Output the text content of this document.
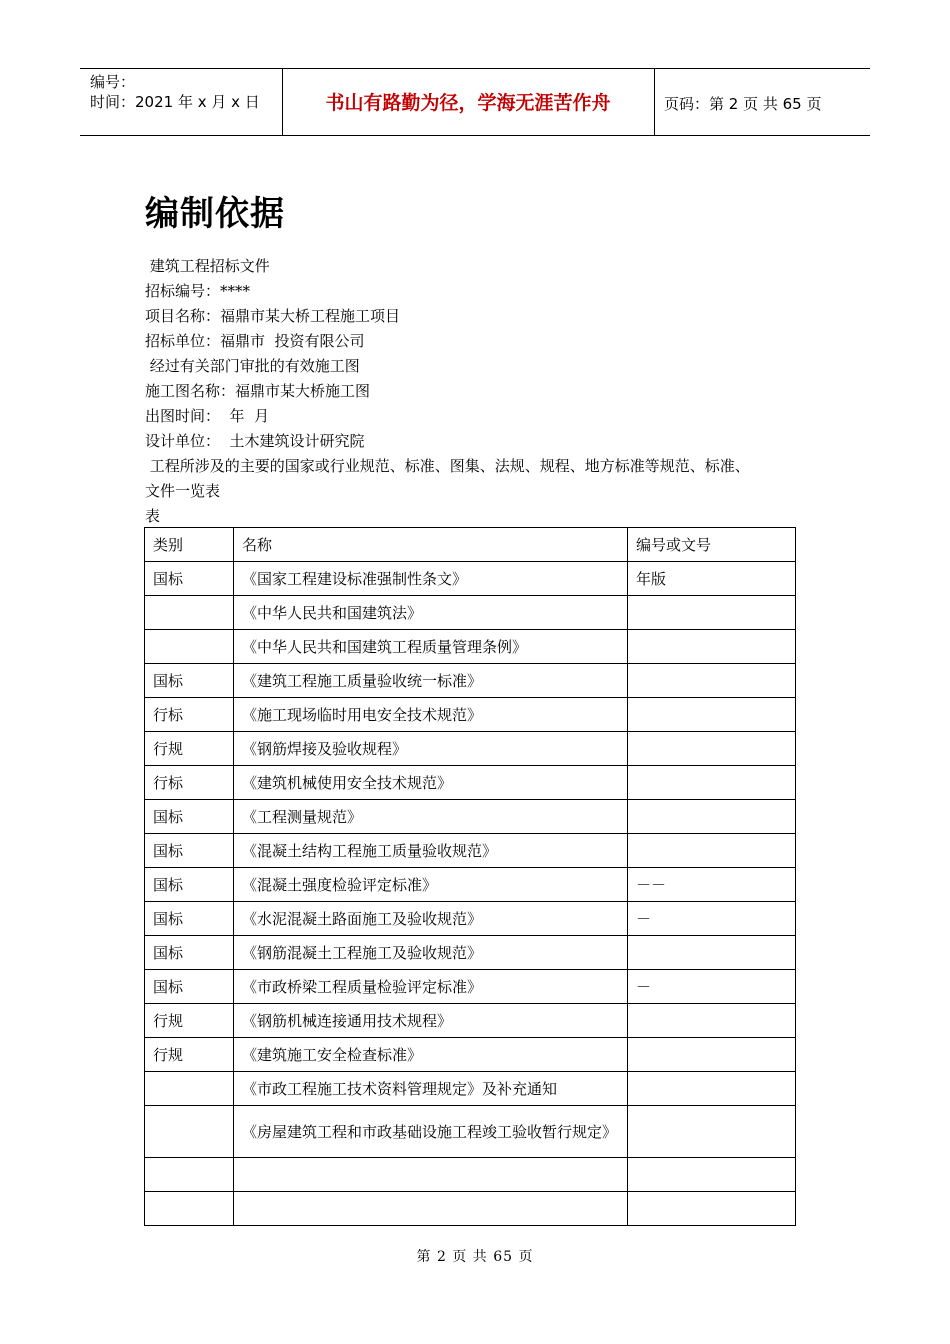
编号：
时间：2021 年 x 月 x 日	书山有路勤为径，学海无涯苦作舟	页码：第 2 页 共 65 页
编制依据
建筑工程招标文件
招标编号：****
项目名称：福鼎市某大桥工程施工项目
招标单位：福鼎市  投资有限公司
经过有关部门审批的有效施工图
施工图名称：福鼎市某大桥施工图
出图时间：  年  月
设计单位：  土木建筑设计研究院
工程所涉及的主要的国家或行业规范、标准、图集、法规、规程、地方标准等规范、标准、
文件一览表
表
类别	名称	编号或文号
国标	《国家工程建设标准强制性条文》	年版
	《中华人民共和国建筑法》	
	《中华人民共和国建筑工程质量管理条例》	
国标	《建筑工程施工质量验收统一标准》	
行标	《施工现场临时用电安全技术规范》	
行规	《钢筋焊接及验收规程》	
行标	《建筑机械使用安全技术规范》	
国标	《工程测量规范》	
国标	《混凝土结构工程施工质量验收规范》	
国标	《混凝土强度检验评定标准》	－－
国标	《水泥混凝土路面施工及验收规范》	－
国标	《钢筋混凝土工程施工及验收规范》	
国标	《市政桥梁工程质量检验评定标准》	－
行规	《钢筋机械连接通用技术规程》	
行规	《建筑施工安全检查标准》	
	《市政工程施工技术资料管理规定》及补充通知	
	《房屋建筑工程和市政基础设施工程竣工验收暂行规定》	

第 2 页 共 65 页
